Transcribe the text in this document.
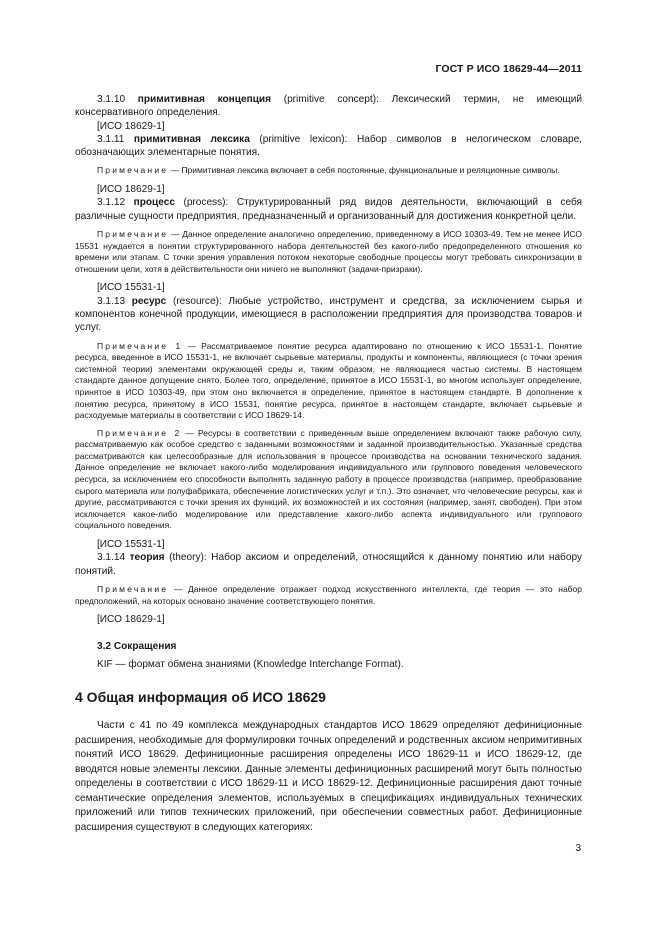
ГОСТ Р ИСО 18629-44—2011

3.1.10 примитивная концепция (primitive concept): Лексический термин, не имеющий консервативного определения.

[ИСО 18629-1]

3.1.11 примитивная лексика (primitive lexicon): Набор символов в нелогическом словаре, обозначающих элементарные понятия.

Примечание — Примитивная лексика включает в себя постоянные, функциональные и реляционные символы.

[ИСО 18629-1]

3.1.12 процесс (process): Структурированный ряд видов деятельности, включающий в себя различные сущности предприятия, предназначенный и организованный для достижения конкретной цели.

Примечание — Данное определение аналогично определению, приведенному в ИСО 10303-49. Тем не менее ИСО 15531 нуждается в понятии структурированного набора деятельностей без какого-либо предопределенного отношения ко времени или этапам. С точки зрения управления потоком некоторые свободные процессы могут требовать синхронизации в отношении цели, хотя в действительности они ничего не выполняют (задачи-призраки).

[ИСО 15531-1]

3.1.13 ресурс (resource): Любые устройство, инструмент и средства, за исключением сырья и компонентов конечной продукции, имеющиеся в расположении предприятия для производства товаров и услуг.

Примечание 1 — Рассматриваемое понятие ресурса адаптировано по отношению к ИСО 15531-1. Понятие ресурса, введенное в ИСО 15531-1, не включает сырьевые материалы, продукты и компоненты, являющиеся (с точки зрения системной теории) элементами окружающей среды и, таким образом, не являющиеся частью системы. В настоящем стандарте данное допущение снято. Более того, определение, принятое в ИСО 15531-1, во многом использует определение, принятое в ИСО 10303-49, при этом оно включается в определение, принятое в настоящем стандарте. В дополнение к понятию ресурса, принятому в ИСО 15531, понятие ресурса, принятое в настоящем стандарте, включает сырьевые и расходуемые материалы в соответствии с ИСО 18629-14.

Примечание 2 — Ресурсы в соответствии с приведенным выше определением включают также рабочую силу, рассматриваемую как особое средство с заданными возможностями и заданной производительностью. Указанные средства рассматриваются как целесообразные для использования в процессе производства на основании технического задания. Данное определение не включает какого-либо моделирования индивидуального или группового поведения человеческого ресурса, за исключением его способности выполнять заданную работу в процессе производства (например, преобразование сырого материала или полуфабриката, обеспечение логистических услуг и т.п.). Это означает, что человеческие ресурсы, как и другие, рассматриваются с точки зрения их функций, их возможностей и их состояния (например, занят, свободен). При этом исключается какое-либо моделирование или представление какого-либо аспекта индивидуального или группового социального поведения.

[ИСО 15531-1]

3.1.14 теория (theory): Набор аксиом и определений, относящийся к данному понятию или набору понятий.

Примечание — Данное определение отражает подход искусственного интеллекта, где теория — это набор предположений, на которых основано значение соответствующего понятия.

[ИСО 18629-1]

3.2 Сокращения

KIF — формат обмена знаниями (Knowledge Interchange Format).

4 Общая информация об ИСО 18629

Части с 41 по 49 комплекса международных стандартов ИСО 18629 определяют дефиниционные расширения, необходимые для формулировки точных определений и родственных аксиом непримитивных понятий ИСО 18629. Дефиниционные расширения определены ИСО 18629-11 и ИСО 18629-12, где вводятся новые элементы лексики. Данные элементы дефиниционных расширений могут быть полностью определены в соответствии с ИСО 18629-11 и ИСО 18629-12. Дефиниционные расширения дают точные семантические определения элементов, используемых в спецификациях индивидуальных технических приложений или типов технических приложений, при обеспечении совместных работ. Дефиниционные расширения существуют в следующих категориях:

3
